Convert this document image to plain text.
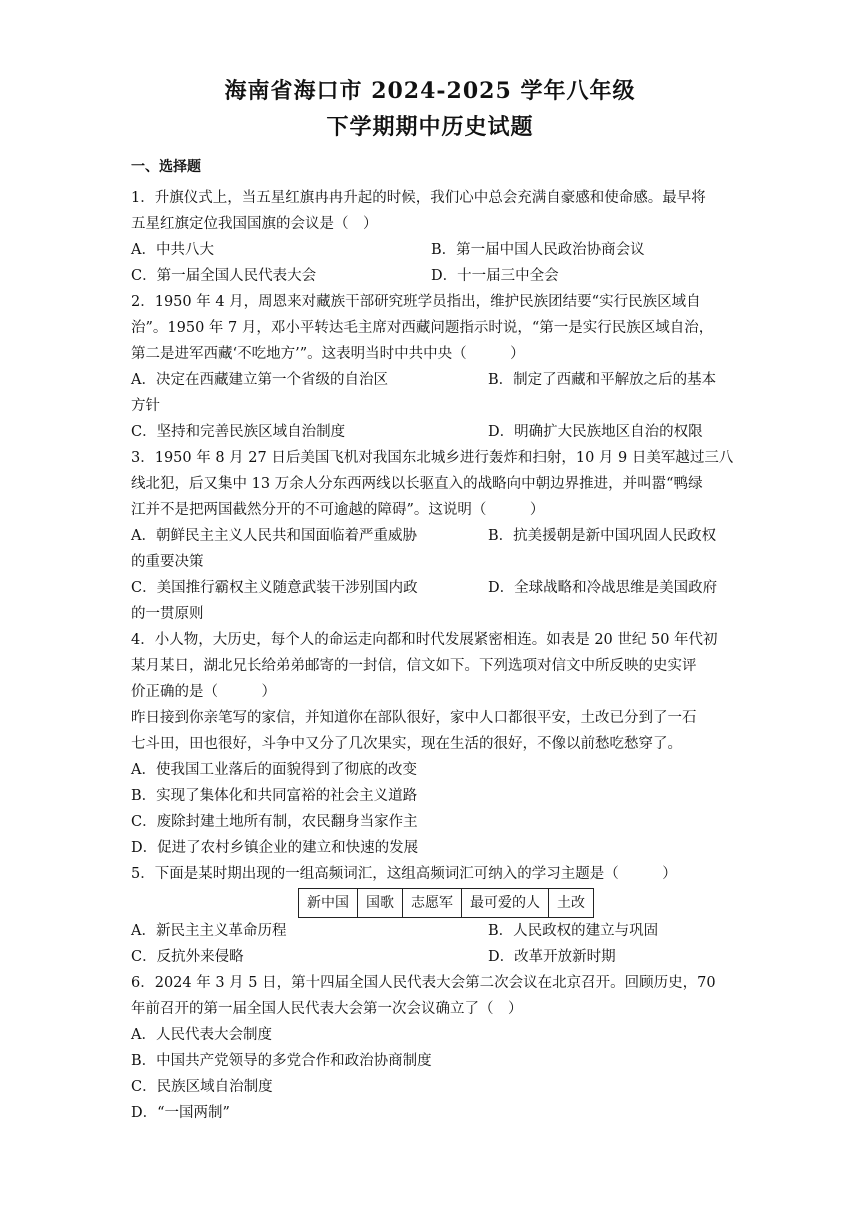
海南省海口市 2024-2025 学年八年级
下学期期中历史试题
一、选择题
1．升旗仪式上，当五星红旗冉冉升起的时候，我们心中总会充满自豪感和使命感。最早将
五星红旗定位我国国旗的会议是（　）
A．中共八大	B．第一届中国人民政治协商会议
C．第一届全国人民代表大会	D．十一届三中全会
2．1950 年 4 月，周恩来对藏族干部研究班学员指出，维护民族团结要“实行民族区域自
治”。1950 年 7 月，邓小平转达毛主席对西藏问题指示时说，“第一是实行民族区域自治，
第二是进军西藏‘不吃地方’”。这表明当时中共中央（　　　）
A．决定在西藏建立第一个省级的自治区	B．制定了西藏和平解放之后的基本
方针
C．坚持和完善民族区域自治制度	D．明确扩大民族地区自治的权限
3．1950 年 8 月 27 日后美国飞机对我国东北城乡进行轰炸和扫射，10 月 9 日美军越过三八
线北犯，后又集中 13 万余人分东西两线以长驱直入的战略向中朝边界推进，并叫嚣“鸭绿
江并不是把两国截然分开的不可逾越的障碍”。这说明（　　　）
A．朝鲜民主主义人民共和国面临着严重威胁	B．抗美援朝是新中国巩固人民政权
的重要决策
C．美国推行霸权主义随意武装干涉别国内政	D．全球战略和冷战思维是美国政府
的一贯原则
4．小人物，大历史，每个人的命运走向都和时代发展紧密相连。如表是 20 世纪 50 年代初
某月某日，湖北兄长给弟弟邮寄的一封信，信文如下。下列选项对信文中所反映的史实评
价正确的是（　　　）
昨日接到你亲笔写的家信，并知道你在部队很好，家中人口都很平安，土改已分到了一石
七斗田，田也很好，斗争中又分了几次果实，现在生活的很好，不像以前愁吃愁穿了。
A．使我国工业落后的面貌得到了彻底的改变
B．实现了集体化和共同富裕的社会主义道路
C．废除封建土地所有制，农民翻身当家作主
D．促进了农村乡镇企业的建立和快速的发展
5．下面是某时期出现的一组高频词汇，这组高频词汇可纳入的学习主题是（　　　）
新中国	国歌	志愿军	最可爱的人	土改
A．新民主主义革命历程	B．人民政权的建立与巩固
C．反抗外来侵略	D．改革开放新时期
6．2024 年 3 月 5 日，第十四届全国人民代表大会第二次会议在北京召开。回顾历史，70
年前召开的第一届全国人民代表大会第一次会议确立了（　）
A．人民代表大会制度
B．中国共产党领导的多党合作和政治协商制度
C．民族区域自治制度
D．“一国两制”
